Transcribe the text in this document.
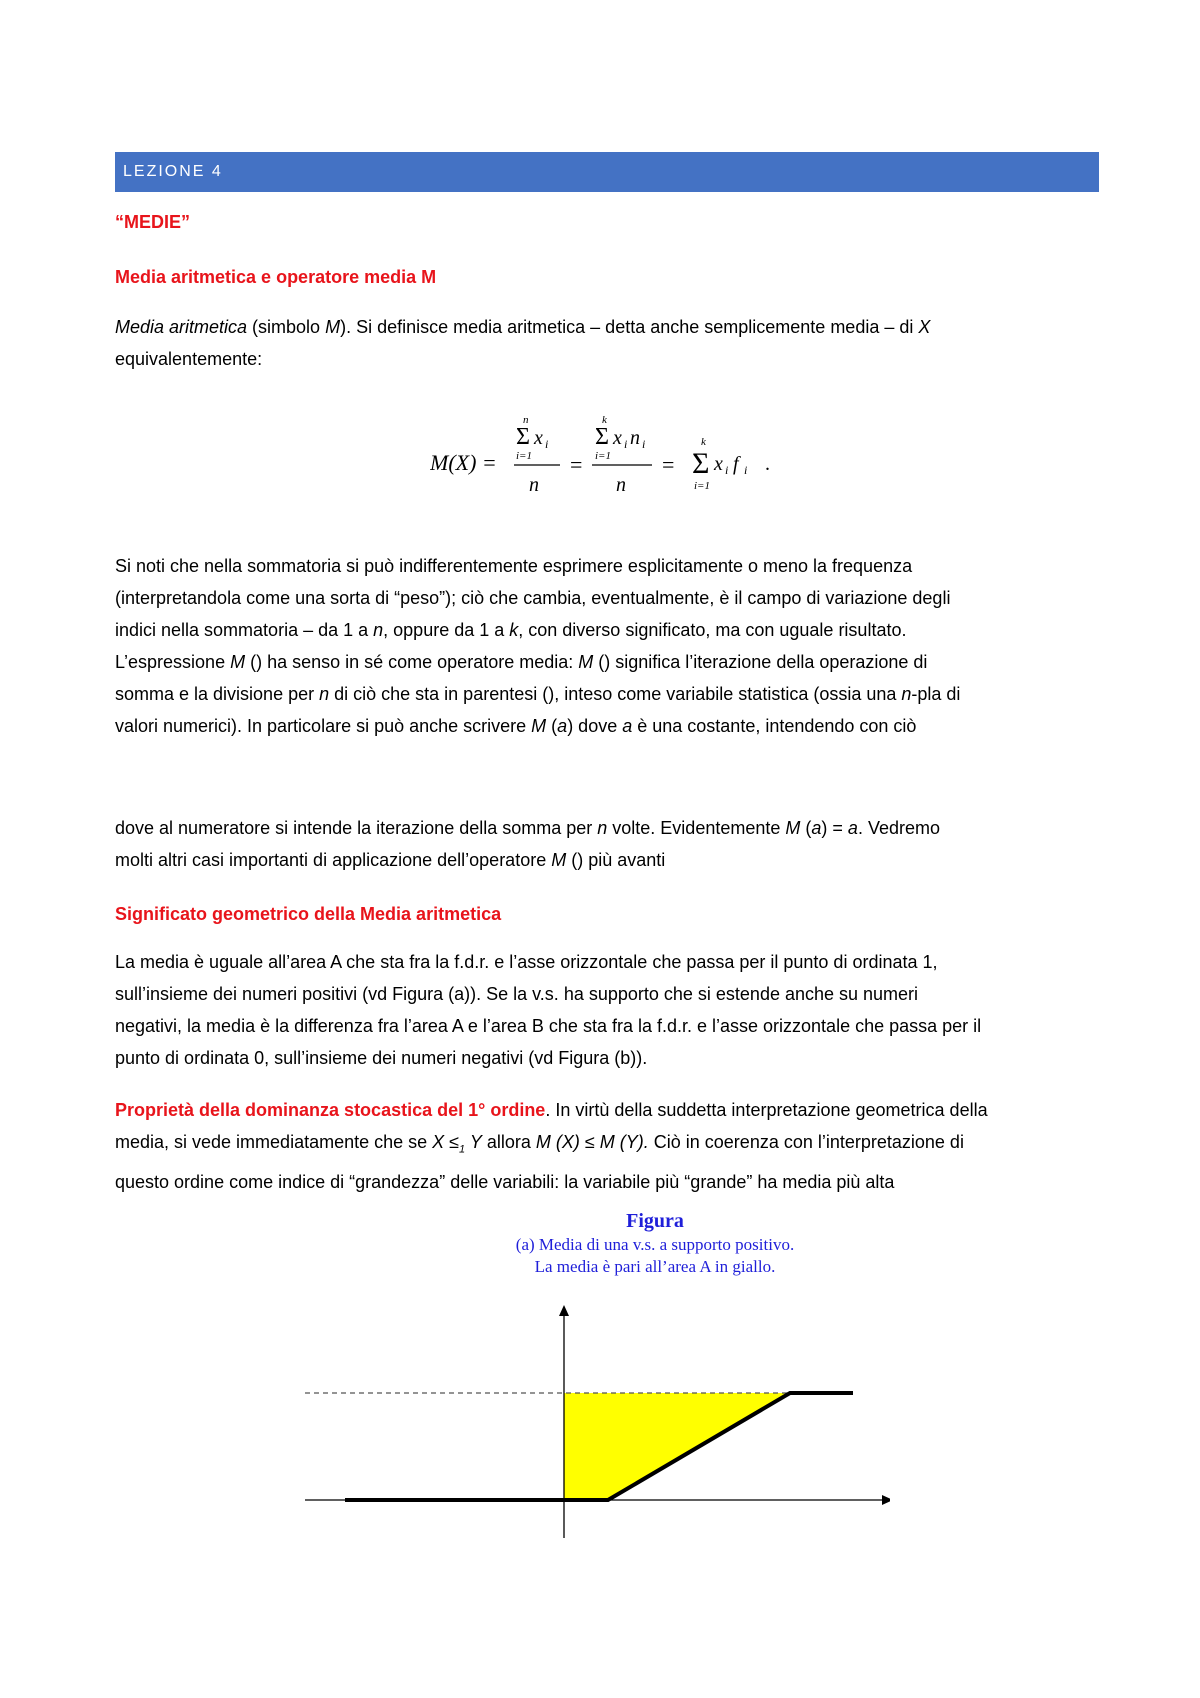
LEZIONE 4

“MEDIE”

Media aritmetica e operatore media M

Media aritmetica (simbolo M). Si definisce media aritmetica – detta anche semplicemente media – di X

equivalentemente:

M(X) =
n
Σ x i
i=1
n
=
k
Σ x i n i
i=1
n
=
k
Σ x i f i
i=1
.

Si noti che nella sommatoria si può indifferentemente esprimere esplicitamente o meno la frequenza

(interpretandola come una sorta di “peso”); ciò che cambia, eventualmente, è il campo di variazione degli

indici nella sommatoria – da 1 a n, oppure da 1 a k, con diverso significato, ma con uguale risultato.

L’espressione M () ha senso in sé come operatore media: M () significa l’iterazione della operazione di

somma e la divisione per n di ciò che sta in parentesi (), inteso come variabile statistica (ossia una n-pla di

valori numerici). In particolare si può anche scrivere M (a) dove a è una costante, intendendo con ciò

dove al numeratore si intende la iterazione della somma per n volte. Evidentemente M (a) = a. Vedremo

molti altri casi importanti di applicazione dell’operatore M () più avanti

Significato geometrico della Media aritmetica

La media è uguale all’area A che sta fra la f.d.r. e l’asse orizzontale che passa per il punto di ordinata 1,

sull’insieme dei numeri positivi (vd Figura (a)). Se la v.s. ha supporto che si estende anche su numeri

negativi, la media è la differenza fra l’area A e l’area B che sta fra la f.d.r. e l’asse orizzontale che passa per il

punto di ordinata 0, sull’insieme dei numeri negativi (vd Figura (b)).

Proprietà della dominanza stocastica del 1° ordine. In virtù della suddetta interpretazione geometrica della

media, si vede immediatamente che se $X \le_1$ Y allora M (X) ≤ M (Y). Ciò in coerenza con l’interpretazione di

questo ordine come indice di “grandezza” delle variabili: la variabile più “grande” ha media più alta

Figura
(a) Media di una v.s. a supporto positivo.
La media è pari all’area A in giallo.
